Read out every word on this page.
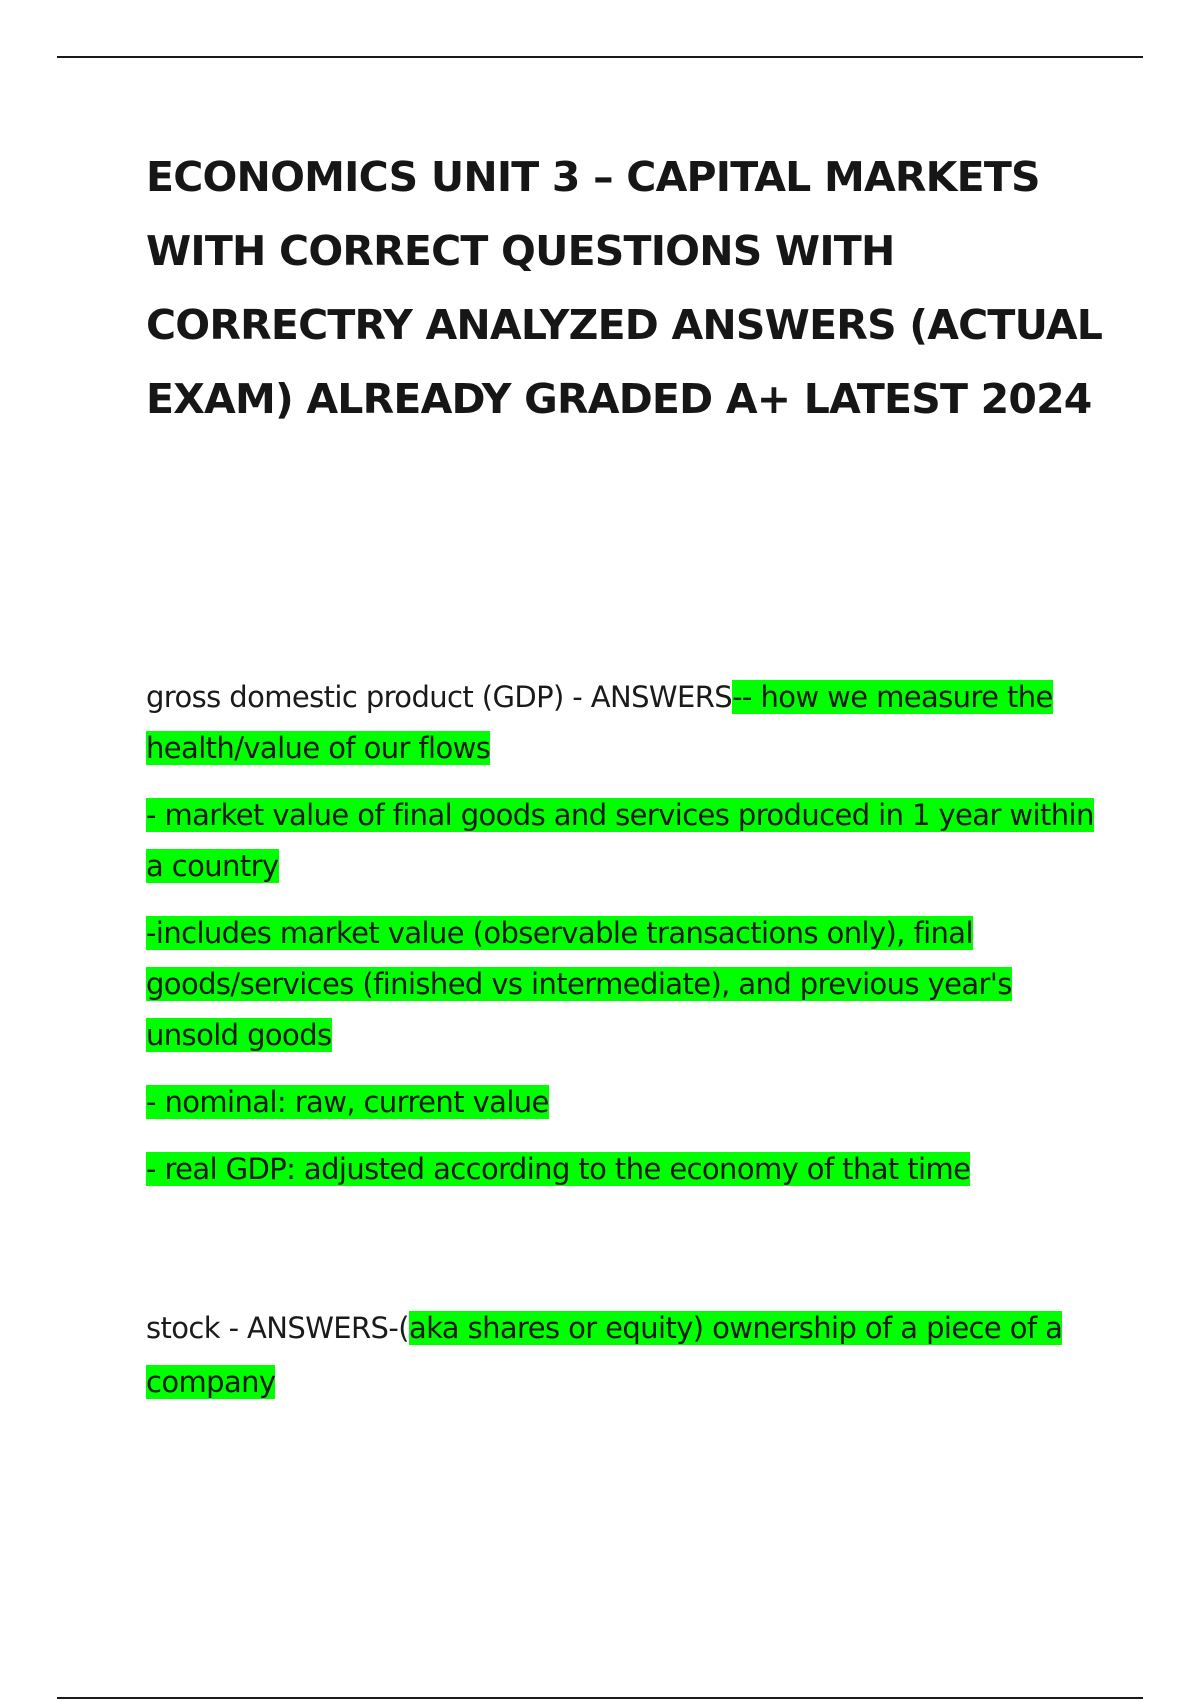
ECONOMICS UNIT 3 – CAPITAL MARKETS WITH CORRECT QUESTIONS WITH CORRECTRY ANALYZED ANSWERS (ACTUAL EXAM) ALREADY GRADED A+ LATEST 2024

gross domestic product (GDP) - ANSWERS-- how we measure the health/value of our flows

- market value of final goods and services produced in 1 year within a country

-includes market value (observable transactions only), final goods/services (finished vs intermediate), and previous year's unsold goods

- nominal: raw, current value

- real GDP: adjusted according to the economy of that time

stock - ANSWERS-(aka shares or equity) ownership of a piece of a company
